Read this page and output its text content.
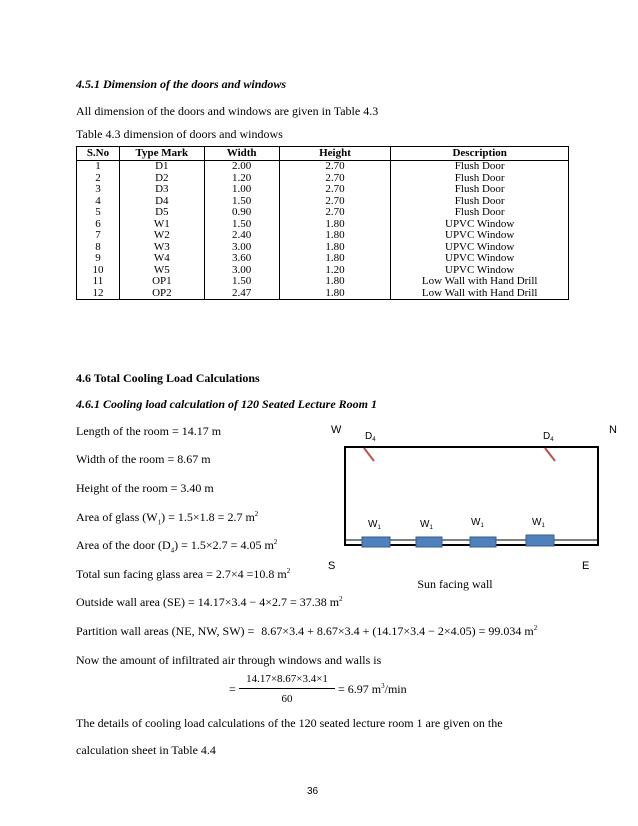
4.5.1 Dimension of the doors and windows
All dimension of the doors and windows are given in Table 4.3
Table 4.3 dimension of doors and windows
S.No	Type Mark	Width	Height	Description
1	D1	2.00	2.70	Flush Door
2	D2	1.20	2.70	Flush Door
3	D3	1.00	2.70	Flush Door
4	D4	1.50	2.70	Flush Door
5	D5	0.90	2.70	Flush Door
6	W1	1.50	1.80	UPVC Window
7	W2	2.40	1.80	UPVC Window
8	W3	3.00	1.80	UPVC Window
9	W4	3.60	1.80	UPVC Window
10	W5	3.00	1.20	UPVC Window
11	OP1	1.50	1.80	Low Wall with Hand Drill
12	OP2	2.47	1.80	Low Wall with Hand Drill
4.6 Total Cooling Load Calculations
4.6.1 Cooling load calculation of 120 Seated Lecture Room 1
Length of the room = 14.17 m
Width of the room = 8.67 m
Height of the room = 3.40 m
Area of glass $(W_1) = 1.5\times 1.8 = 2.7$ $m^2$
Area of the door $(D_4) = 1.5\times 2.7 = 4.05$ $m^2$
Total sun facing glass area = 2.7×4 =10.8 $m^2$
Outside wall area (SE) = 14.17×3.4 − 4×2.7 = 37.38 $m^2$
Partition wall areas (NE, NW, SW) = 8.67×3.4 + 8.67×3.4 + (14.17×3.4 − 2×4.05) = 99.034 $m^2$
Now the amount of infiltrated air through windows and walls is
=
14.17×8.67×3.4×1
60
= 6.97 $m^3/\min$
The details of cooling load calculations of the 120 seated lecture room 1 are given on the
calculation sheet in Table 4.4
W	N
S	E
$D_4$	$D_4$
$W_1$	$W_1$	$W_1$	$W_1$
Sun facing wall
36
